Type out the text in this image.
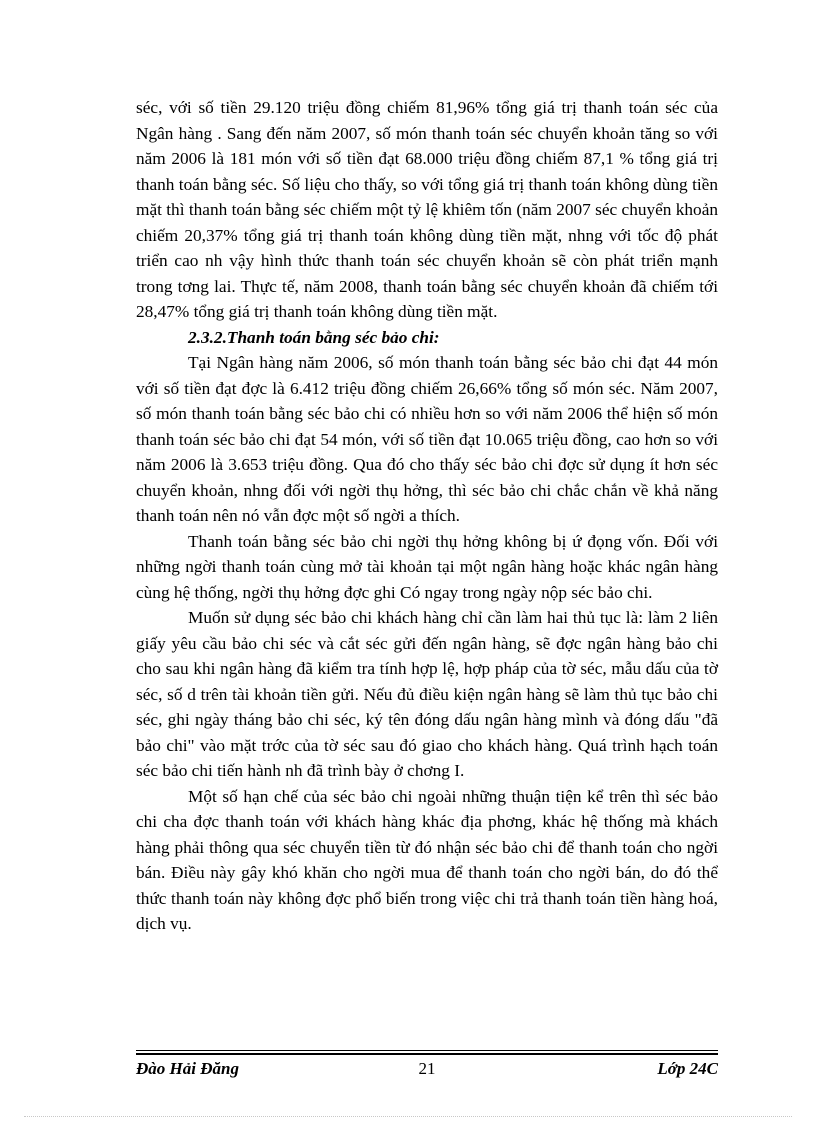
séc, với số tiền 29.120 triệu đồng chiếm 81,96% tổng giá trị thanh toán séc của Ngân hàng . Sang đến năm 2007, số món thanh toán séc chuyển khoản tăng so với năm 2006 là 181 món với số tiền đạt 68.000 triệu đồng chiếm 87,1 % tổng giá trị thanh toán bằng séc. Số liệu cho thấy, so với tổng giá trị thanh toán không dùng tiền mặt thì thanh toán bằng séc chiếm một tỷ lệ khiêm tốn (năm 2007 séc chuyển khoản chiếm 20,37% tổng giá trị thanh toán không dùng tiền mặt, nhng với tốc độ phát triển cao nh vậy hình thức thanh toán séc chuyển khoản sẽ còn phát triển mạnh trong tơng lai. Thực tế, năm 2008, thanh toán bằng séc chuyển khoản đã chiếm tới 28,47% tổng giá trị thanh toán không dùng tiền mặt.

2.3.2.Thanh toán bằng séc bảo chi:

Tại Ngân hàng năm 2006, số món thanh toán bằng séc bảo chi đạt 44 món với số tiền đạt đợc là 6.412 triệu đồng chiếm 26,66% tổng số món séc. Năm 2007, số món thanh toán bằng séc bảo chi có nhiều hơn so với năm 2006 thể hiện số món thanh toán séc bảo chi đạt 54 món, với số tiền đạt 10.065 triệu đồng, cao hơn so với năm 2006 là 3.653 triệu đồng. Qua đó cho thấy séc bảo chi đợc sử dụng ít hơn séc chuyển khoản, nhng đối với ngời thụ hởng, thì séc bảo chi chắc chắn về khả năng thanh toán nên nó vẫn đợc một số ngời a thích.

Thanh toán bằng séc bảo chi ngời thụ hởng không bị ứ đọng vốn. Đối với những ngời thanh toán cùng mở tài khoản tại một ngân hàng hoặc khác ngân hàng cùng hệ thống, ngời thụ hởng đợc ghi Có ngay trong ngày nộp séc bảo chi.

Muốn sử dụng séc bảo chi khách hàng chỉ cần làm hai thủ tục là: làm 2 liên giấy yêu cầu bảo chi séc và cắt séc gửi đến ngân hàng, sẽ đợc ngân hàng bảo chi cho sau khi ngân hàng đã kiểm tra tính hợp lệ, hợp pháp của tờ séc, mẫu dấu của tờ séc, số d trên tài khoản tiền gửi. Nếu đủ điều kiện ngân hàng sẽ làm thủ tục bảo chi séc, ghi ngày tháng bảo chi séc, ký tên đóng dấu ngân hàng mình và đóng dấu "đã bảo chi" vào mặt trớc của tờ séc sau đó giao cho khách hàng. Quá trình hạch toán séc bảo chi tiến hành nh đã trình bày ở chơng I.

Một số hạn chế của séc bảo chi ngoài những thuận tiện kể trên thì séc bảo chi cha đợc thanh toán với khách hàng khác địa phơng, khác hệ thống mà khách hàng phải thông qua séc chuyển tiền từ đó nhận séc bảo chi để thanh toán cho ngời bán. Điều này gây khó khăn cho ngời mua để thanh toán cho ngời bán, do đó thể thức thanh toán này không đợc phổ biến trong việc chi trả thanh toán tiền hàng hoá, dịch vụ.

Đào Hải Đăng	21	Lớp 24C
